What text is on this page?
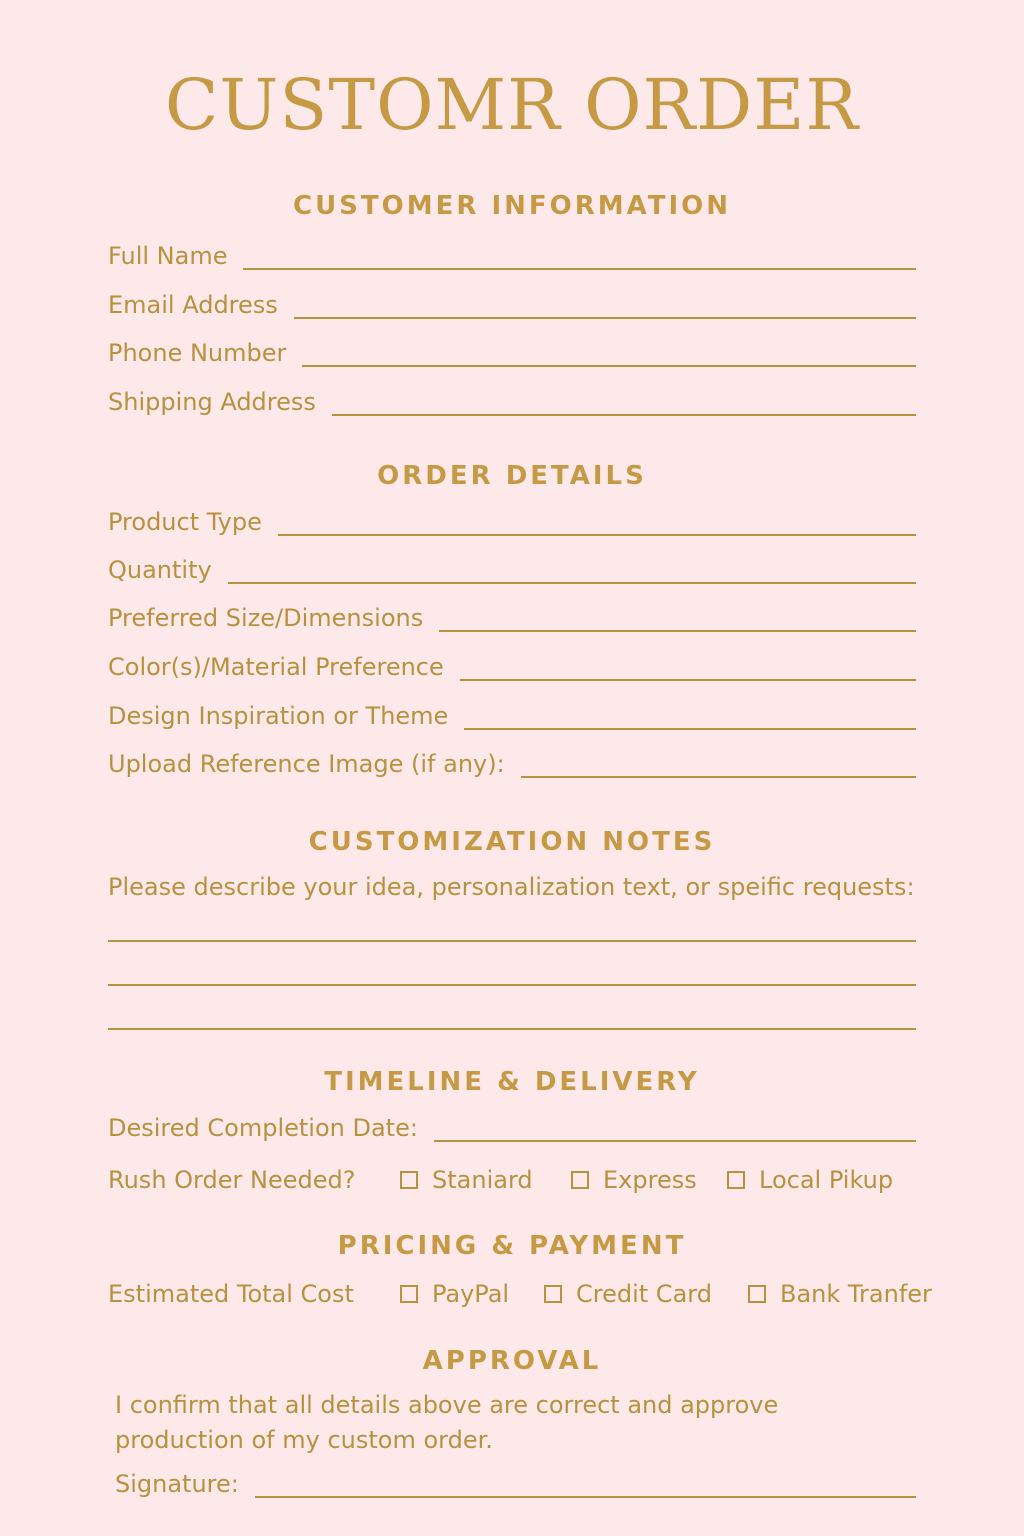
CUSTOMR ORDER
CUSTOMER INFORMATION
Full Name
Email Address
Phone Number
Shipping Address
ORDER DETAILS
Product Type
Quantity
Preferred Size/Dimensions
Color(s)/Material Preference
Design Inspiration or Theme
Upload Reference Image (if any):
CUSTOMIZATION NOTES
Please describe your idea, personalization text, or speific requests:
TIMELINE & DELIVERY
Desired Completion Date:
Rush Order Needed?	Staniard	Express	Local Pikup
PRICING & PAYMENT
Estimated Total Cost	PayPal	Credit Card	Bank Tranfer
APPROVAL
I confirm that all details above are correct and approve
production of my custom order.
Signature:
